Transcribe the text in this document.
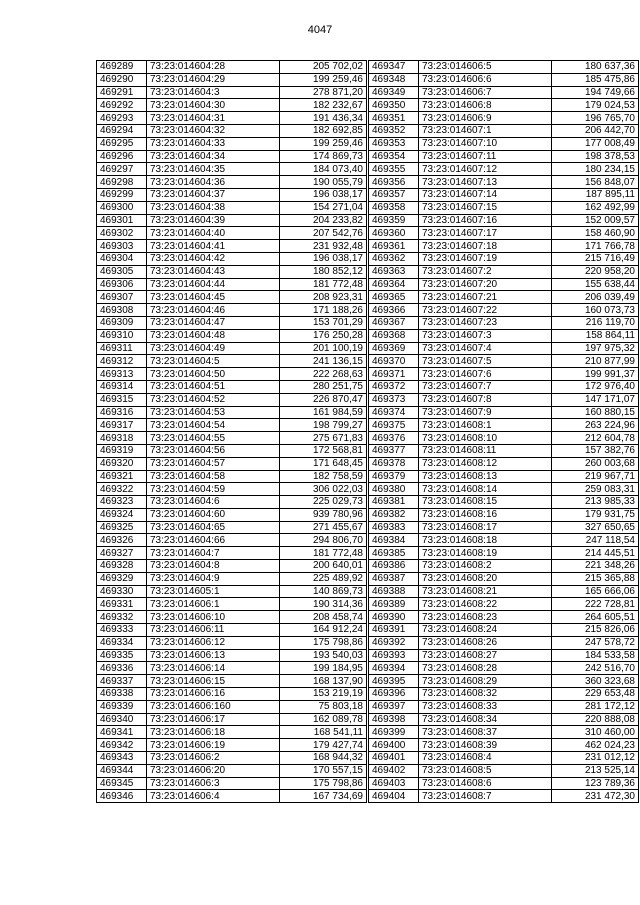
4047
469289	73:23:014604:28	205 702,02
469290	73:23:014604:29	199 259,46
469291	73:23:014604:3	278 871,20
469292	73:23:014604:30	182 232,67
469293	73:23:014604:31	191 436,34
469294	73:23:014604:32	182 692,85
469295	73:23:014604:33	199 259,46
469296	73:23:014604:34	174 869,73
469297	73:23:014604:35	184 073,40
469298	73:23:014604:36	190 055,79
469299	73:23:014604:37	196 038,17
469300	73:23:014604:38	154 271,04
469301	73:23:014604:39	204 233,82
469302	73:23:014604:40	207 542,76
469303	73:23:014604:41	231 932,48
469304	73:23:014604:42	196 038,17
469305	73:23:014604:43	180 852,12
469306	73:23:014604:44	181 772,48
469307	73:23:014604:45	208 923,31
469308	73:23:014604:46	171 188,26
469309	73:23:014604:47	153 701,29
469310	73:23:014604:48	176 250,28
469311	73:23:014604:49	201 100,19
469312	73:23:014604:5	241 136,15
469313	73:23:014604:50	222 268,63
469314	73:23:014604:51	280 251,75
469315	73:23:014604:52	226 870,47
469316	73:23:014604:53	161 984,59
469317	73:23:014604:54	198 799,27
469318	73:23:014604:55	275 671,83
469319	73:23:014604:56	172 568,81
469320	73:23:014604:57	171 648,45
469321	73:23:014604:58	182 758,59
469322	73:23:014604:59	306 022,03
469323	73:23:014604:6	225 029,73
469324	73:23:014604:60	939 780,96
469325	73:23:014604:65	271 455,67
469326	73:23:014604:66	294 806,70
469327	73:23:014604:7	181 772,48
469328	73:23:014604:8	200 640,01
469329	73:23:014604:9	225 489,92
469330	73:23:014605:1	140 869,73
469331	73:23:014606:1	190 314,36
469332	73:23:014606:10	208 458,74
469333	73:23:014606:11	164 912,24
469334	73:23:014606:12	175 798,86
469335	73:23:014606:13	193 540,03
469336	73:23:014606:14	199 184,95
469337	73:23:014606:15	168 137,90
469338	73:23:014606:16	153 219,19
469339	73:23:014606:160	75 803,18
469340	73:23:014606:17	162 089,78
469341	73:23:014606:18	168 541,11
469342	73:23:014606:19	179 427,74
469343	73:23:014606:2	168 944,32
469344	73:23:014606:20	170 557,15
469345	73:23:014606:3	175 798,86
469346	73:23:014606:4	167 734,69
469347	73:23:014606:5	180 637,36
469348	73:23:014606:6	185 475,86
469349	73:23:014606:7	194 749,66
469350	73:23:014606:8	179 024,53
469351	73:23:014606:9	196 765,70
469352	73:23:014607:1	206 442,70
469353	73:23:014607:10	177 008,49
469354	73:23:014607:11	198 378,53
469355	73:23:014607:12	180 234,15
469356	73:23:014607:13	156 848,07
469357	73:23:014607:14	187 895,11
469358	73:23:014607:15	162 492,99
469359	73:23:014607:16	152 009,57
469360	73:23:014607:17	158 460,90
469361	73:23:014607:18	171 766,78
469362	73:23:014607:19	215 716,49
469363	73:23:014607:2	220 958,20
469364	73:23:014607:20	155 638,44
469365	73:23:014607:21	206 039,49
469366	73:23:014607:22	160 073,73
469367	73:23:014607:23	216 119,70
469368	73:23:014607:3	158 864,11
469369	73:23:014607:4	197 975,32
469370	73:23:014607:5	210 877,99
469371	73:23:014607:6	199 991,37
469372	73:23:014607:7	172 976,40
469373	73:23:014607:8	147 171,07
469374	73:23:014607:9	160 880,15
469375	73:23:014608:1	263 224,96
469376	73:23:014608:10	212 604,78
469377	73:23:014608:11	157 382,76
469378	73:23:014608:12	260 003,68
469379	73:23:014608:13	219 967,71
469380	73:23:014608:14	259 083,31
469381	73:23:014608:15	213 985,33
469382	73:23:014608:16	179 931,75
469383	73:23:014608:17	327 650,65
469384	73:23:014608:18	247 118,54
469385	73:23:014608:19	214 445,51
469386	73:23:014608:2	221 348,26
469387	73:23:014608:20	215 365,88
469388	73:23:014608:21	165 666,06
469389	73:23:014608:22	222 728,81
469390	73:23:014608:23	264 605,51
469391	73:23:014608:24	215 826,06
469392	73:23:014608:26	247 578,72
469393	73:23:014608:27	184 533,58
469394	73:23:014608:28	242 516,70
469395	73:23:014608:29	360 323,68
469396	73:23:014608:32	229 653,48
469397	73:23:014608:33	281 172,12
469398	73:23:014608:34	220 888,08
469399	73:23:014608:37	310 460,00
469400	73:23:014608:39	462 024,23
469401	73:23:014608:4	231 012,12
469402	73:23:014608:5	213 525,14
469403	73:23:014608:6	123 789,36
469404	73:23:014608:7	231 472,30
